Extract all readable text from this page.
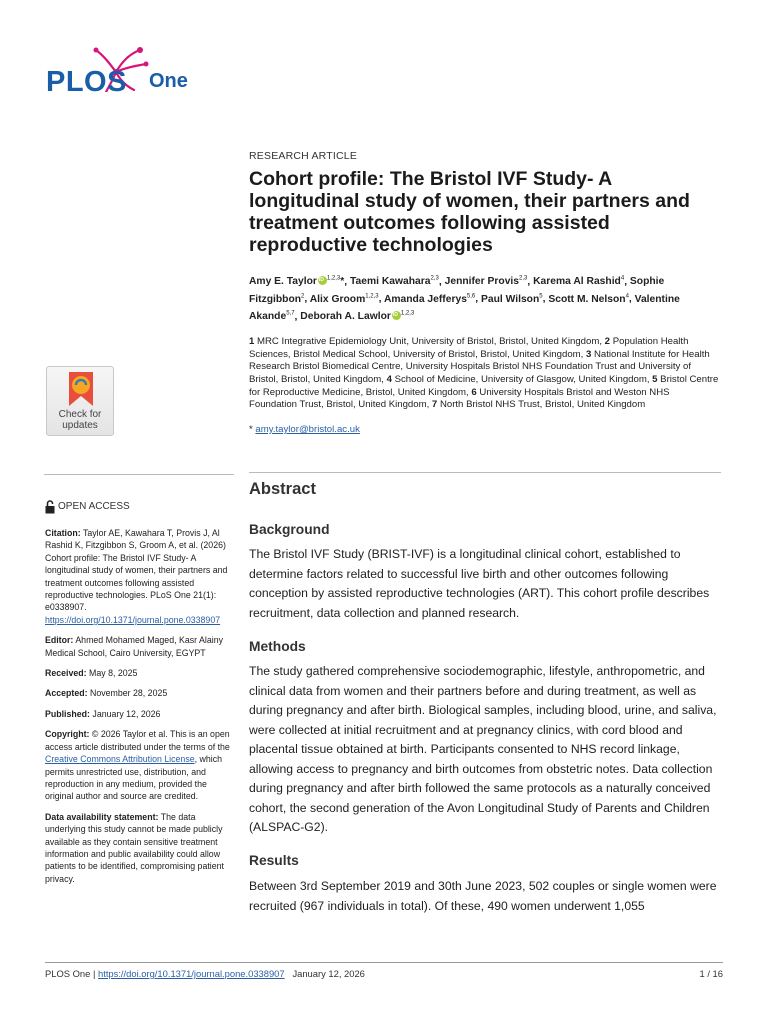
PLOS One
Check for
updates

OPEN ACCESS

Citation: Taylor AE, Kawahara T, Provis J, Al Rashid K, Fitzgibbon S, Groom A, et al. (2026) Cohort profile: The Bristol IVF Study- A longitudinal study of women, their partners and treatment outcomes following assisted reproductive technologies. PLoS One 21(1): e0338907. https://doi.org/10.1371/journal.pone.0338907

Editor: Ahmed Mohamed Maged, Kasr Alainy Medical School, Cairo University, EGYPT

Received: May 8, 2025

Accepted: November 28, 2025

Published: January 12, 2026

Copyright: © 2026 Taylor et al. This is an open access article distributed under the terms of the Creative Commons Attribution License, which permits unrestricted use, distribution, and reproduction in any medium, provided the original author and source are credited.

Data availability statement: The data underlying this study cannot be made publicly available as they contain sensitive treatment information and public availability could allow patients to be identified, compromising patient privacy.

RESEARCH ARTICLE

Cohort profile: The Bristol IVF Study- A longitudinal study of women, their partners and treatment outcomes following assisted reproductive technologies

Amy E. Taylor iD $^{1,2,3}$*, Taemi Kawahara$^{2,3}$, Jennifer Provis$^{2,3}$, Karema Al Rashid$^4$, Sophie Fitzgibbon$^2$, Alix Groom$^{1,2,3}$, Amanda Jefferys$^{5,6}$, Paul Wilson$^5$, Scott M. Nelson$^4$, Valentine Akande$^{5,7}$, Deborah A. Lawlor iD $^{1,2,3}$

1 MRC Integrative Epidemiology Unit, University of Bristol, Bristol, United Kingdom, 2 Population Health Sciences, Bristol Medical School, University of Bristol, Bristol, United Kingdom, 3 National Institute for Health Research Bristol Biomedical Centre, University Hospitals Bristol NHS Foundation Trust and University of Bristol, Bristol, United Kingdom, 4 School of Medicine, University of Glasgow, United Kingdom, 5 Bristol Centre for Reproductive Medicine, Bristol, United Kingdom, 6 University Hospitals Bristol and Weston NHS Foundation Trust, Bristol, United Kingdom, 7 North Bristol NHS Trust, Bristol, United Kingdom

* amy.taylor@bristol.ac.uk

Abstract
Background

The Bristol IVF Study (BRIST-IVF) is a longitudinal clinical cohort, established to determine factors related to successful live birth and other outcomes following conception by assisted reproductive technologies (ART). This cohort profile describes recruitment, data collection and planned research.

Methods

The study gathered comprehensive sociodemographic, lifestyle, anthropometric, and clinical data from women and their partners before and during treatment, as well as during pregnancy and after birth. Biological samples, including blood, urine, and saliva, were collected at initial recruitment and at pregnancy clinics, with cord blood and placental tissue obtained at birth. Participants consented to NHS record linkage, allowing access to pregnancy and birth outcomes from obstetric notes. Data collection during pregnancy and after birth followed the same protocols as a naturally conceived cohort, the second generation of the Avon Longitudinal Study of Parents and Children (ALSPAC-G2).

Results

Between 3rd September 2019 and 30th June 2023, 502 couples or single women were recruited (967 individuals in total). Of these, 490 women underwent 1,055

PLOS One | https://doi.org/10.1371/journal.pone.0338907 January 12, 2026	1 / 16
